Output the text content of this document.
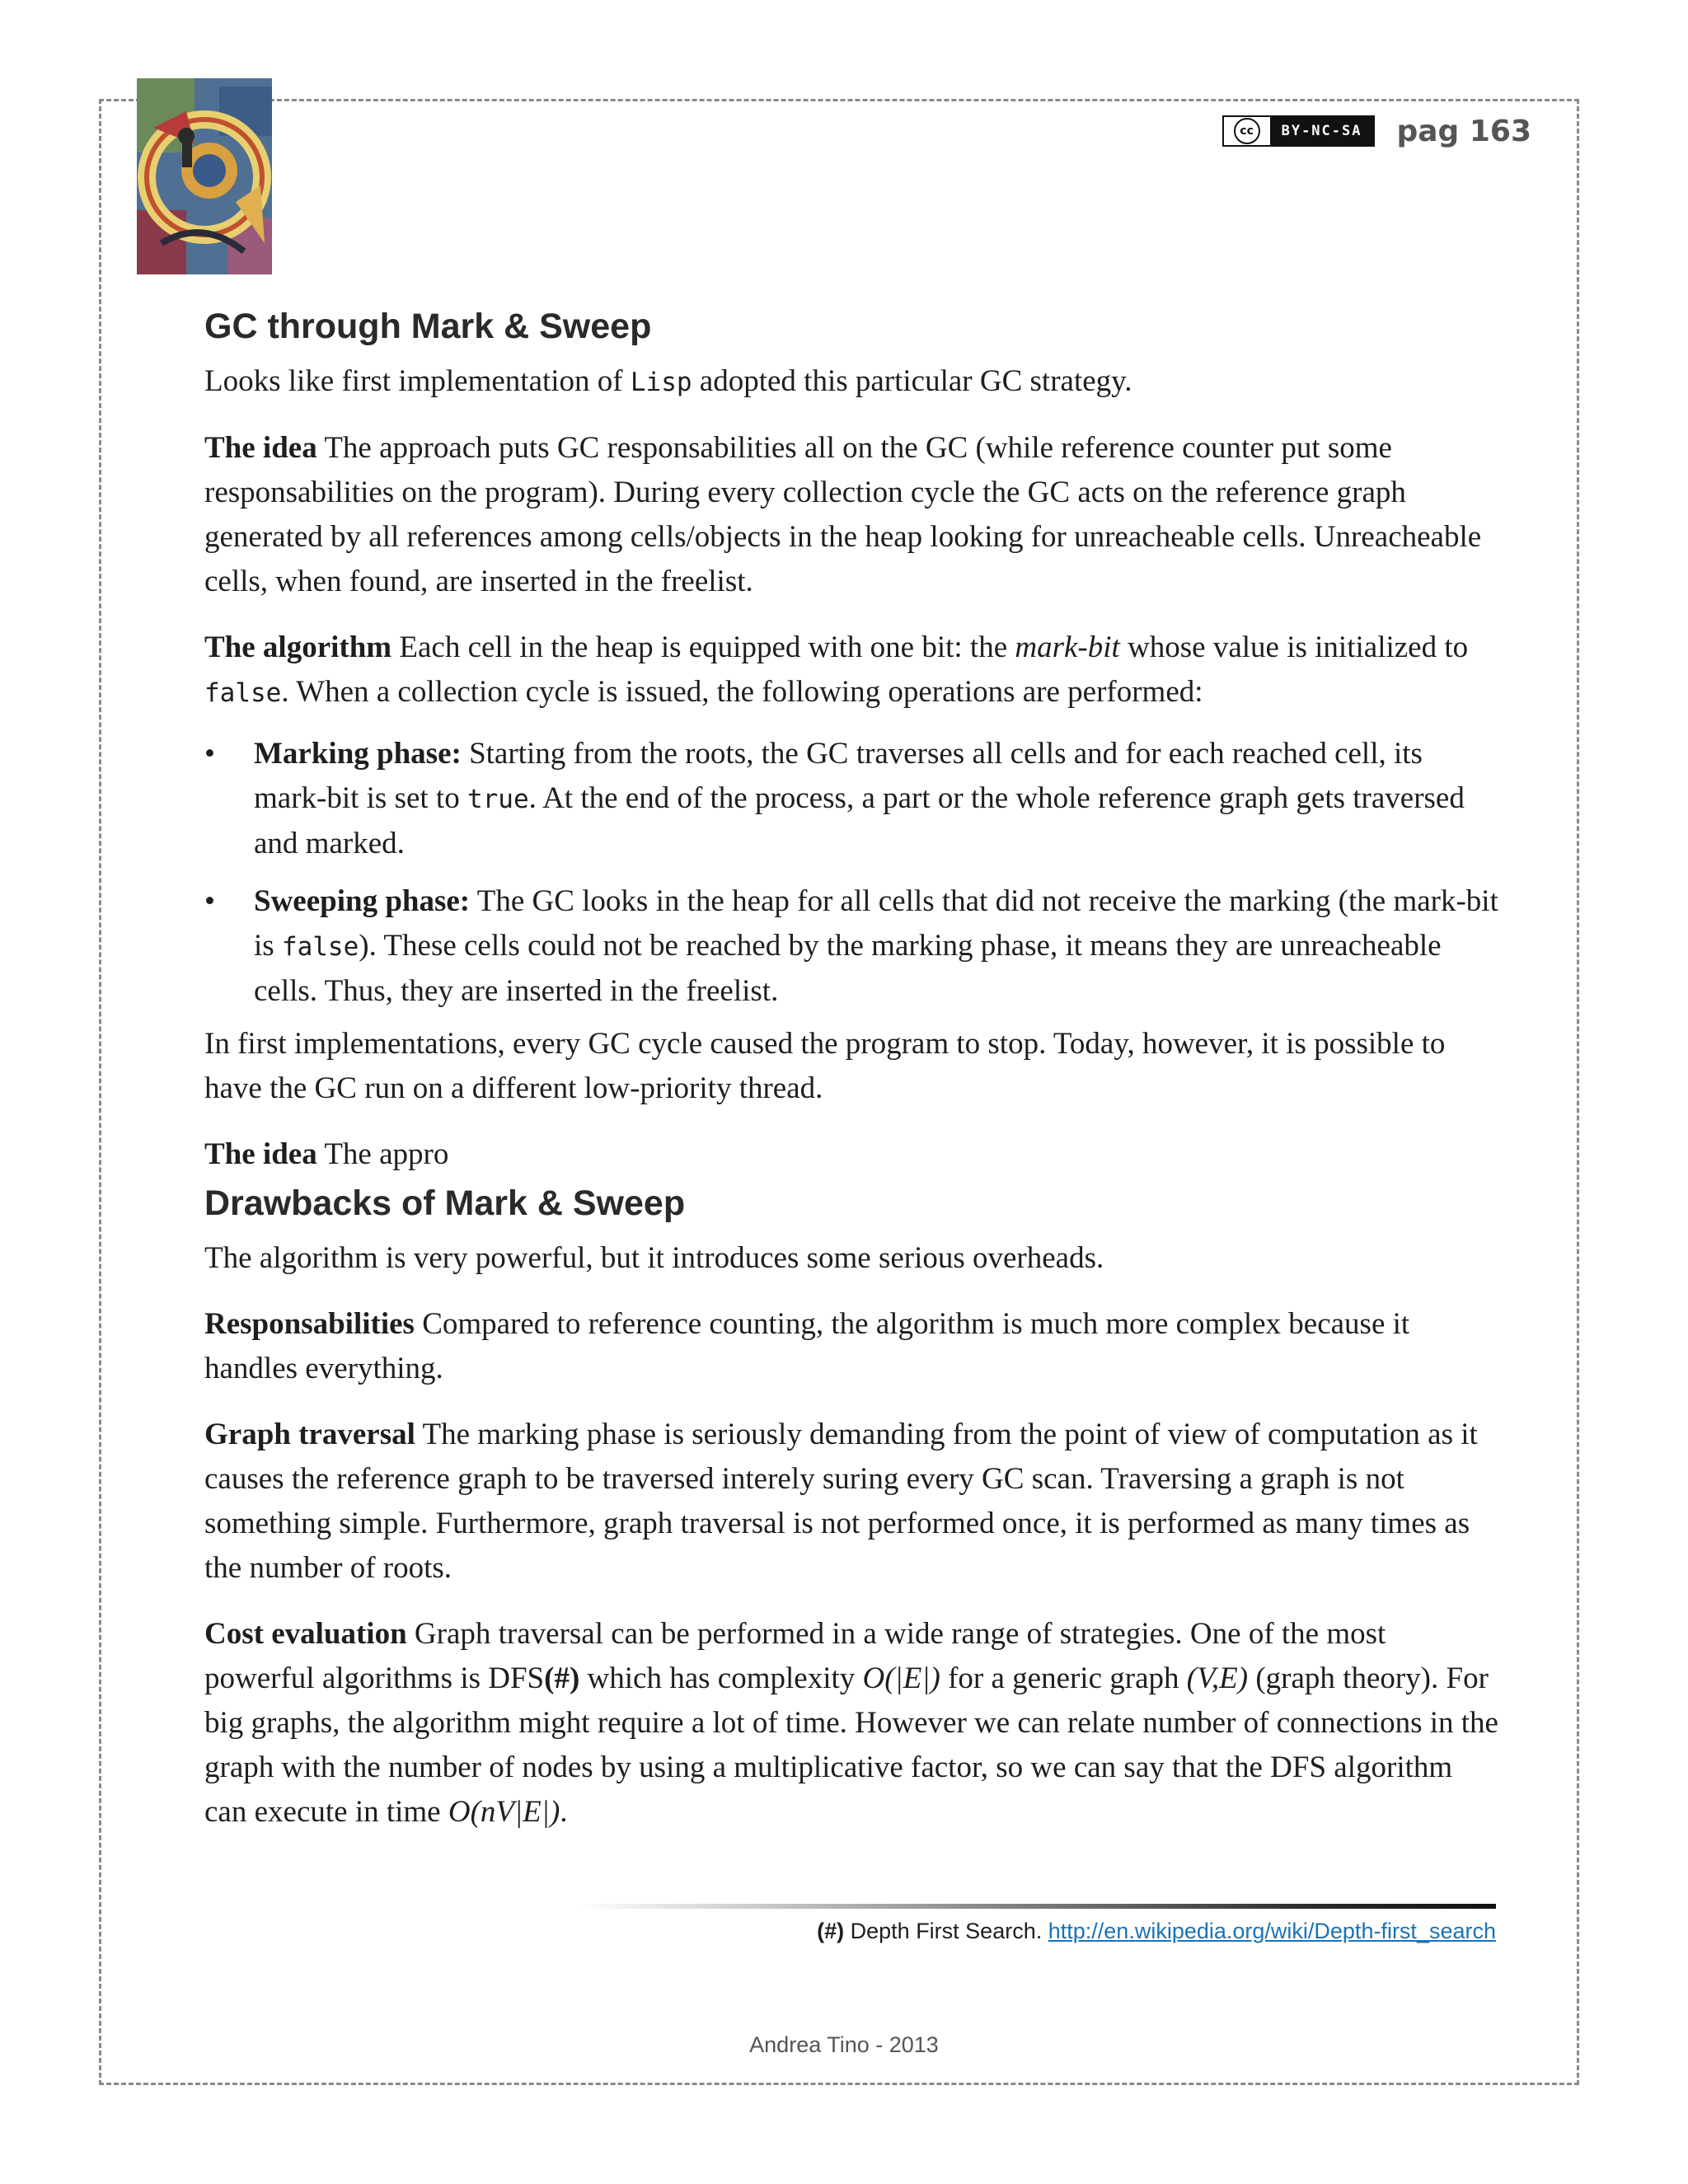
cc	BY-NC-SA	pag 163
GC through Mark & Sweep

Looks like first implementation of Lisp adopted this particular GC strategy.

The idea The approach puts GC responsabilities all on the GC (while reference counter put some responsabilities on the program). During every collection cycle the GC acts on the reference graph generated by all references among cells/objects in the heap looking for unreacheable cells. Unreacheable cells, when found, are inserted in the freelist.

The algorithm Each cell in the heap is equipped with one bit: the mark-bit whose value is initialized to false. When a collection cycle is issued, the following operations are performed:

• Marking phase: Starting from the roots, the GC traverses all cells and for each reached cell, its mark-bit is set to true. At the end of the process, a part or the whole reference graph gets traversed and marked.
• Sweeping phase: The GC looks in the heap for all cells that did not receive the marking (the mark-bit is false). These cells could not be reached by the marking phase, it means they are unreacheable cells. Thus, they are inserted in the freelist.

In first implementations, every GC cycle caused the program to stop. Today, however, it is possible to have the GC run on a different low-priority thread.

The idea The appro

Drawbacks of Mark & Sweep

The algorithm is very powerful, but it introduces some serious overheads.

Responsabilities Compared to reference counting, the algorithm is much more complex because it handles everything.

Graph traversal The marking phase is seriously demanding from the point of view of computation as it causes the reference graph to be traversed interely suring every GC scan. Traversing a graph is not something simple. Furthermore, graph traversal is not performed once, it is performed as many times as the number of roots.

Cost evaluation Graph traversal can be performed in a wide range of strategies. One of the most powerful algorithms is DFS(#) which has complexity O(|E|) for a generic graph (V,E) (graph theory). For big graphs, the algorithm might require a lot of time. However we can relate number of connections in the graph with the number of nodes by using a multiplicative factor, so we can say that the DFS algorithm can execute in time O(nV|E|).

(#) Depth First Search. http://en.wikipedia.org/wiki/Depth-first_search
Andrea Tino - 2013
